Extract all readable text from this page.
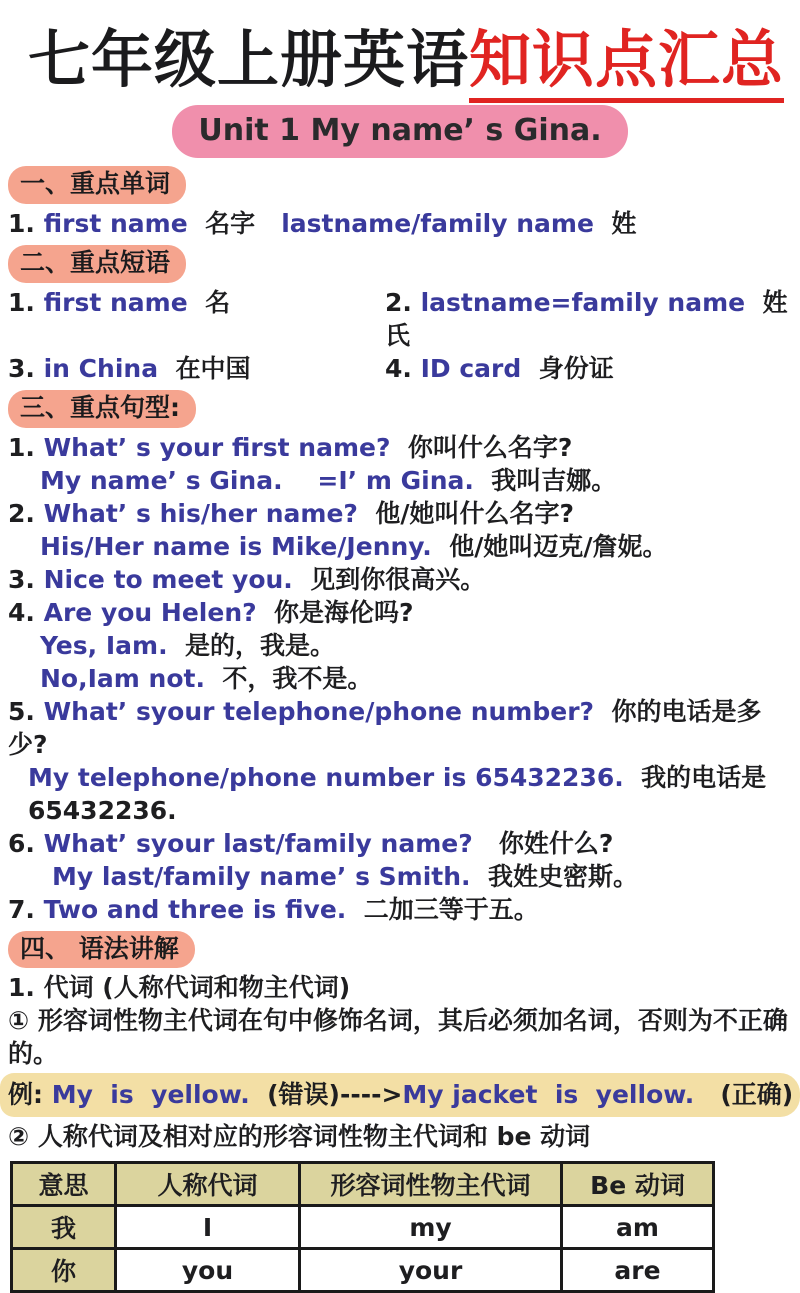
七年级上册英语知识点汇总
Unit 1 My name’ s Gina.
一、重点单词
1. first name  名字   lastname/family name  姓
二、重点短语
1. first name  名	2. lastname=family name  姓氏
3. in China  在中国	4. ID card  身份证
三、重点句型:
1. What’ s your first name?  你叫什么名字?
My name’ s Gina.    =I’ m Gina.  我叫吉娜。
2. What’ s his/her name?  他/她叫什么名字?
His/Her name is Mike/Jenny.  他/她叫迈克/詹妮。
3. Nice to meet you.  见到你很高兴。
4. Are you Helen?  你是海伦吗?
Yes, Iam.  是的，我是。
No,Iam not.  不，我不是。
5. What’ syour telephone/phone number?  你的电话是多少?
My telephone/phone number is 65432236.  我的电话是 65432236.
6. What’ syour last/family name?   你姓什么?
My last/family name’ s Smith.  我姓史密斯。
7. Two and three is five.  二加三等于五。
四、 语法讲解
1. 代词 (人称代词和物主代词)
① 形容词性物主代词在句中修饰名词，其后必须加名词，否则为不正确
的。
例: My  is  yellow.  (错误)---->My jacket  is  yellow.   (正确)
② 人称代词及相对应的形容词性物主代词和 be 动词
意思	人称代词	形容词性物主代词	Be 动词
我	I	my	am
你	you	your	are
